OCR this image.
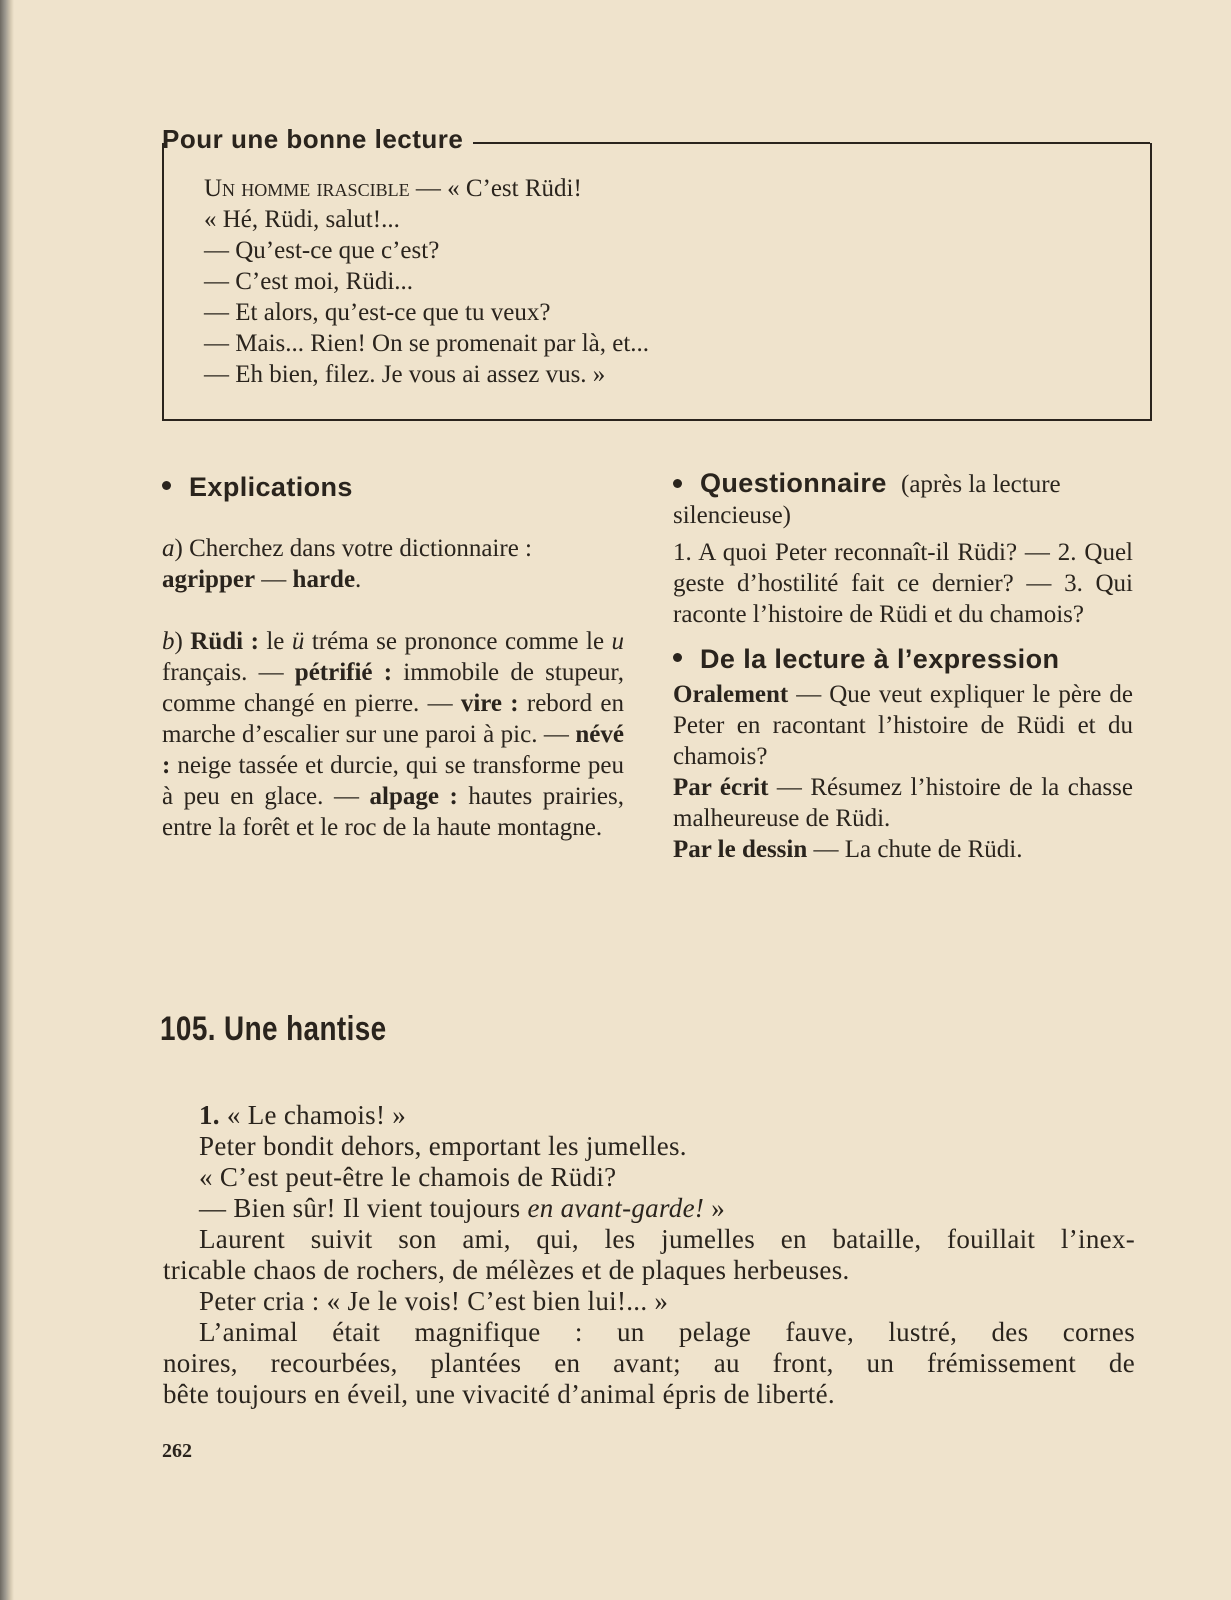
Pour une bonne lecture
Un homme irascible — « C’est Rüdi!
« Hé, Rüdi, salut!...
— Qu’est-ce que c’est?
— C’est moi, Rüdi...
— Et alors, qu’est-ce que tu veux?
— Mais... Rien! On se promenait par là, et...
— Eh bien, filez. Je vous ai assez vus. »
Explications

a) Cherchez dans votre dictionnaire :
agripper — harde.

b) Rüdi : le ü tréma se prononce comme le u français. — pétrifié : immobile de stupeur, comme changé en pierre. — vire : rebord en marche d’escalier sur une paroi à pic. — névé : neige tassée et durcie, qui se transforme peu à peu en glace. — alpage : hautes prairies, entre la forêt et le roc de la haute montagne.

Questionnaire (après la lecture silencieuse)

1. A quoi Peter reconnaît-il Rüdi? — 2. Quel geste d’hostilité fait ce dernier? — 3. Qui raconte l’histoire de Rüdi et du chamois?

De la lecture à l’expression

Oralement — Que veut expliquer le père de Peter en racontant l’histoire de Rüdi et du chamois?

Par écrit — Résumez l’histoire de la chasse malheureuse de Rüdi.

Par le dessin — La chute de Rüdi.

105. Une hantise
1. « Le chamois! »
Peter bondit dehors, emportant les jumelles.
« C’est peut-être le chamois de Rüdi?
— Bien sûr! Il vient toujours en avant-garde! »
Laurent suivit son ami, qui, les jumelles en bataille, fouillait l’inex-
tricable chaos de rochers, de mélèzes et de plaques herbeuses.
Peter cria : « Je le vois! C’est bien lui!... »
L’animal était magnifique : un pelage fauve, lustré, des cornes
noires, recourbées, plantées en avant; au front, un frémissement de
bête toujours en éveil, une vivacité d’animal épris de liberté.
262
